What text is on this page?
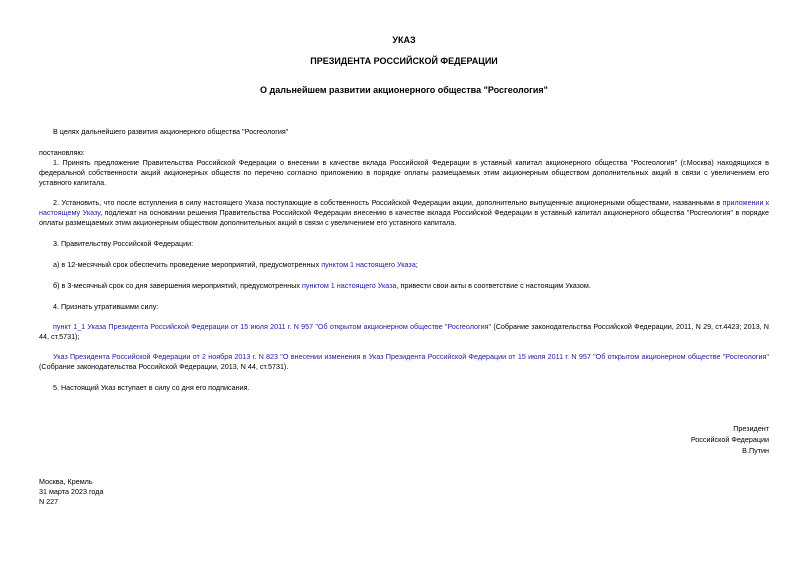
УКАЗ
ПРЕЗИДЕНТА РОССИЙСКОЙ ФЕДЕРАЦИИ
О дальнейшем развитии акционерного общества "Росгеология"
В целях дальнейшего развития акционерного общества "Росгеология"
постановляю:
1. Принять предложение Правительства Российской Федерации о внесении в качестве вклада Российской Федерации в уставный капитал акционерного общества "Росгеология" (г.Москва) находящихся в федеральной собственности акций акционерных обществ по перечню согласно приложению в порядке оплаты размещаемых этим акционерным обществом дополнительных акций в связи с увеличением его уставного капитала.
2. Установить, что после вступления в силу настоящего Указа поступающие в собственность Российской Федерации акции, дополнительно выпущенные акционерными обществами, названными в приложении к настоящему Указу, подлежат на основании решения Правительства Российской Федерации внесению в качестве вклада Российской Федерации в уставный капитал акционерного общества "Росгеология" в порядке оплаты размещаемых этим акционерным обществом дополнительных акций в связи с увеличением его уставного капитала.
3. Правительству Российской Федерации:
а) в 12-месячный срок обеспечить проведение мероприятий, предусмотренных пунктом 1 настоящего Указа;
б) в 3-месячный срок со дня завершения мероприятий, предусмотренных пунктом 1 настоящего Указа, привести свои акты в соответствие с настоящим Указом.
4. Признать утратившими силу:
пункт 1_1 Указа Президента Российской Федерации от 15 июля 2011 г. N 957 "Об открытом акционерном обществе "Росгеология" (Собрание законодательства Российской Федерации, 2011, N 29, ст.4423; 2013, N 44, ст.5731);
Указ Президента Российской Федерации от 2 ноября 2013 г. N 823 "О внесении изменения в Указ Президента Российской Федерации от 15 июля 2011 г. N 957 "Об открытом акционерном обществе "Росгеология" (Собрание законодательства Российской Федерации, 2013, N 44, ст.5731).
5. Настоящий Указ вступает в силу со дня его подписания.
Президент
Российской Федерации
В.Путин
Москва, Кремль
31 марта 2023 года
N 227
